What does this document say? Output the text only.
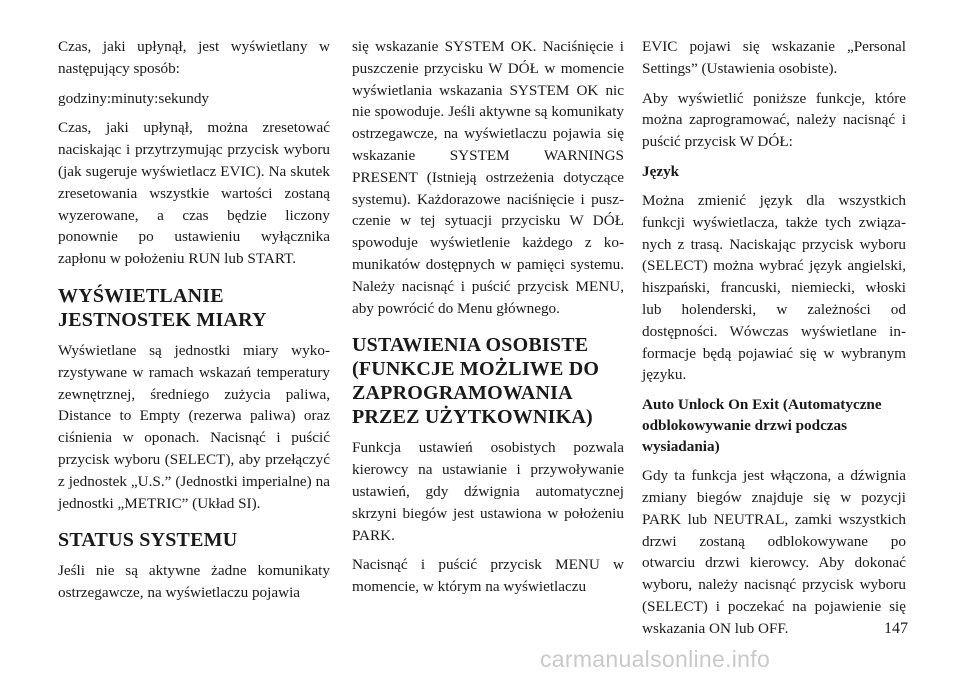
Czas, jaki upłynął, jest wyświetlany w następujący sposób:

godziny:minuty:sekundy

Czas, jaki upłynął, można zresetować naciskając i przytrzymując przycisk wyboru (jak sugeruje wyświetlacz EVIC). Na skutek zresetowania wszystkie wartości zostaną wyzerowane, a czas będzie liczony ponownie po ustawieniu wyłącznika zapłonu w położeniu RUN lub START.

WYŚWIETLANIE JESTNOSTEK MIARY

Wyświetlane są jednostki miary wykorzystywane w ramach wskazań temperatury zewnętrznej, średniego zużycia paliwa, Distance to Empty (rezerwa paliwa) oraz ciśnienia w oponach. Nacisnąć i puścić przycisk wyboru (SELECT), aby przełączyć z jednostek „U.S.” (Jednostki imperialne) na jednostki „METRIC” (Układ SI).

STATUS SYSTEMU

Jeśli nie są aktywne żadne komunikaty ostrzegawcze, na wyświetlaczu pojawia

się wskazanie SYSTEM OK. Naciśnięcie i puszczenie przycisku W DÓŁ w momencie wyświetlania wskazania SYSTEM OK nic nie spowoduje. Jeśli aktywne są komunikaty ostrzegawcze, na wyświetlaczu pojawia się wskazanie SYSTEM WARNINGS PRESENT (Istnieją ostrzeżenia dotyczące systemu). Każdorazowe naciśnięcie i puszczenie w tej sytuacji przycisku W DÓŁ spowoduje wyświetlenie każdego z komunikatów dostępnych w pamięci systemu. Należy nacisnąć i puścić przycisk MENU, aby powrócić do Menu głównego.

USTAWIENIA OSOBISTE (FUNKCJE MOŻLIWE DO ZAPROGRAMOWANIA PRZEZ UŻYTKOWNIKA)

Funkcja ustawień osobistych pozwala kierowcy na ustawianie i przywoływanie ustawień, gdy dźwignia automatycznej skrzyni biegów jest ustawiona w położeniu PARK.

Nacisnąć i puścić przycisk MENU w momencie, w którym na wyświetlaczu

EVIC pojawi się wskazanie „Personal Settings” (Ustawienia osobiste).

Aby wyświetlić poniższe funkcje, które można zaprogramować, należy nacisnąć i puścić przycisk W DÓŁ:

Język

Można zmienić język dla wszystkich funkcji wyświetlacza, także tych związanych z trasą. Naciskając przycisk wyboru (SELECT) można wybrać język angielski, hiszpański, francuski, niemiecki, włoski lub holenderski, w zależności od dostępności. Wówczas wyświetlane informacje będą pojawiać się w wybranym języku.

Auto Unlock On Exit (Automatyczne odblokowywanie drzwi podczas wysiadania)

Gdy ta funkcja jest włączona, a dźwignia zmiany biegów znajduje się w pozycji PARK lub NEUTRAL, zamki wszystkich drzwi zostaną odblokowywane po otwarciu drzwi kierowcy. Aby dokonać wyboru, należy nacisnąć przycisk wyboru (SELECT) i poczekać na pojawienie się wskazania ON lub OFF.	147
carmanualsonline.info
